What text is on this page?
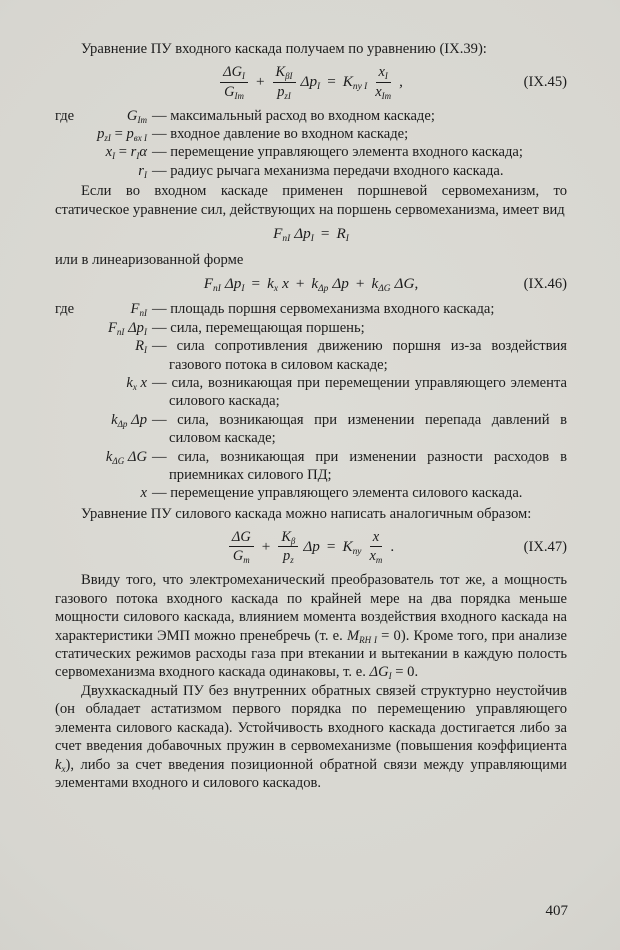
Уравнение ПУ входного каскада получаем по уравнению (IX.39):

$\frac{\Delta G_I}{G_{Im}} + \frac{K_{\beta I}}{p_{zI}} \Delta p_I = K_{пу I} \frac{x_I}{x_{Im}}$ ,	(IX.45)
где	$G_{Im}$ — максимальный расход во входном каскаде;
$p_{zI} = p_{вх I}$ — входное давление во входном каскаде;
$x_I = r_I\alpha$ — перемещение управляющего элемента входного каскада;
$r_I$ — радиус рычага механизма передачи входного каскада.

Если во входном каскаде применен поршневой сервомеханизм, то статическое уравнение сил, действующих на поршень сервомеханизма, имеет вид

$F_{пI}$ $\Delta p_I = R_I$

или в линеаризованной форме

$F_{пI}$ $\Delta p_I = k_x$ $x + k_{\Delta p}$ $\Delta p + k_{\Delta G}$ ΔG,	(IX.46)
где	$F_{пI}$ — площадь поршня сервомеханизма входного каскада;
$F_{пI}$ $\Delta p_I$ — сила, перемещающая поршень;
$R_I$ — сила сопротивления движению поршня из-за воздействия газового потока в силовом каскаде;
$k_x$ x — сила, возникающая при перемещении управляющего элемента силового каскада;
$k_{\Delta p}$ Δp — сила, возникающая при изменении перепада давлений в силовом каскаде;
$k_{\Delta G}$ ΔG — сила, возникающая при изменении разности расходов в приемниках силового ПД;
x — перемещение управляющего элемента силового каскада.

Уравнение ПУ силового каскада можно написать аналогичным образом:

$\frac{\Delta G}{G_m} + \frac{K_\beta}{p_z}$ $\Delta p = K_{пу} \frac{x}{x_m}$ .	(IX.47)

Ввиду того, что электромеханический преобразователь тот же, а мощность газового потока входного каскада по крайней мере на два порядка меньше мощности силового каскада, влиянием момента воздействия входного каскада на характеристики ЭМП можно пренебречь (т. е. $M_{RH I} = 0$). Кроме того, при анализе статических режимов расходы газа при втекании и вытекании в каждую полость сервомеханизма входного каскада одинаковы, т. е. $\Delta G_I = 0$.

Двухкаскадный ПУ без внутренних обратных связей структурно неустойчив (он обладает астатизмом первого порядка по перемещению управляющего элемента силового каскада). Устойчивость входного каскада достигается либо за счет введения добавочных пружин в сервомеханизме (повышения коэффициента $k_x$), либо за счет введения позиционной обратной связи между управляющими элементами входного и силового каскадов.

407
